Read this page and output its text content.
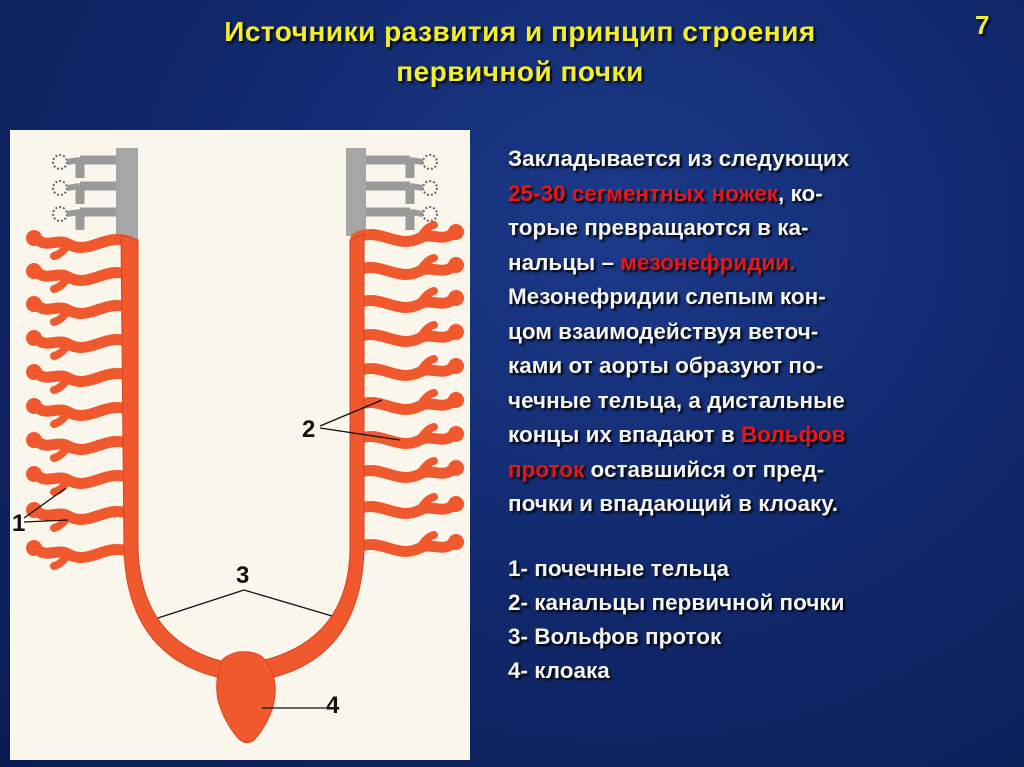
Источники развития и принцип строения
первичной почки
7
1
2
3
4
Закладывается из следующих
25-30 сегментных ножек, ко-
торые превращаются в ка-
нальцы – мезонефридии.
Мезонефридии слепым кон-
цом взаимодействуя веточ-
ками от аорты образуют по-
чечные тельца, а дистальные
концы их впадают в Вольфов
проток оставшийся от пред-
почки и впадающий в клоаку.
1- почечные тельца
2- канальцы первичной почки
3- Вольфов проток
4- клоака
